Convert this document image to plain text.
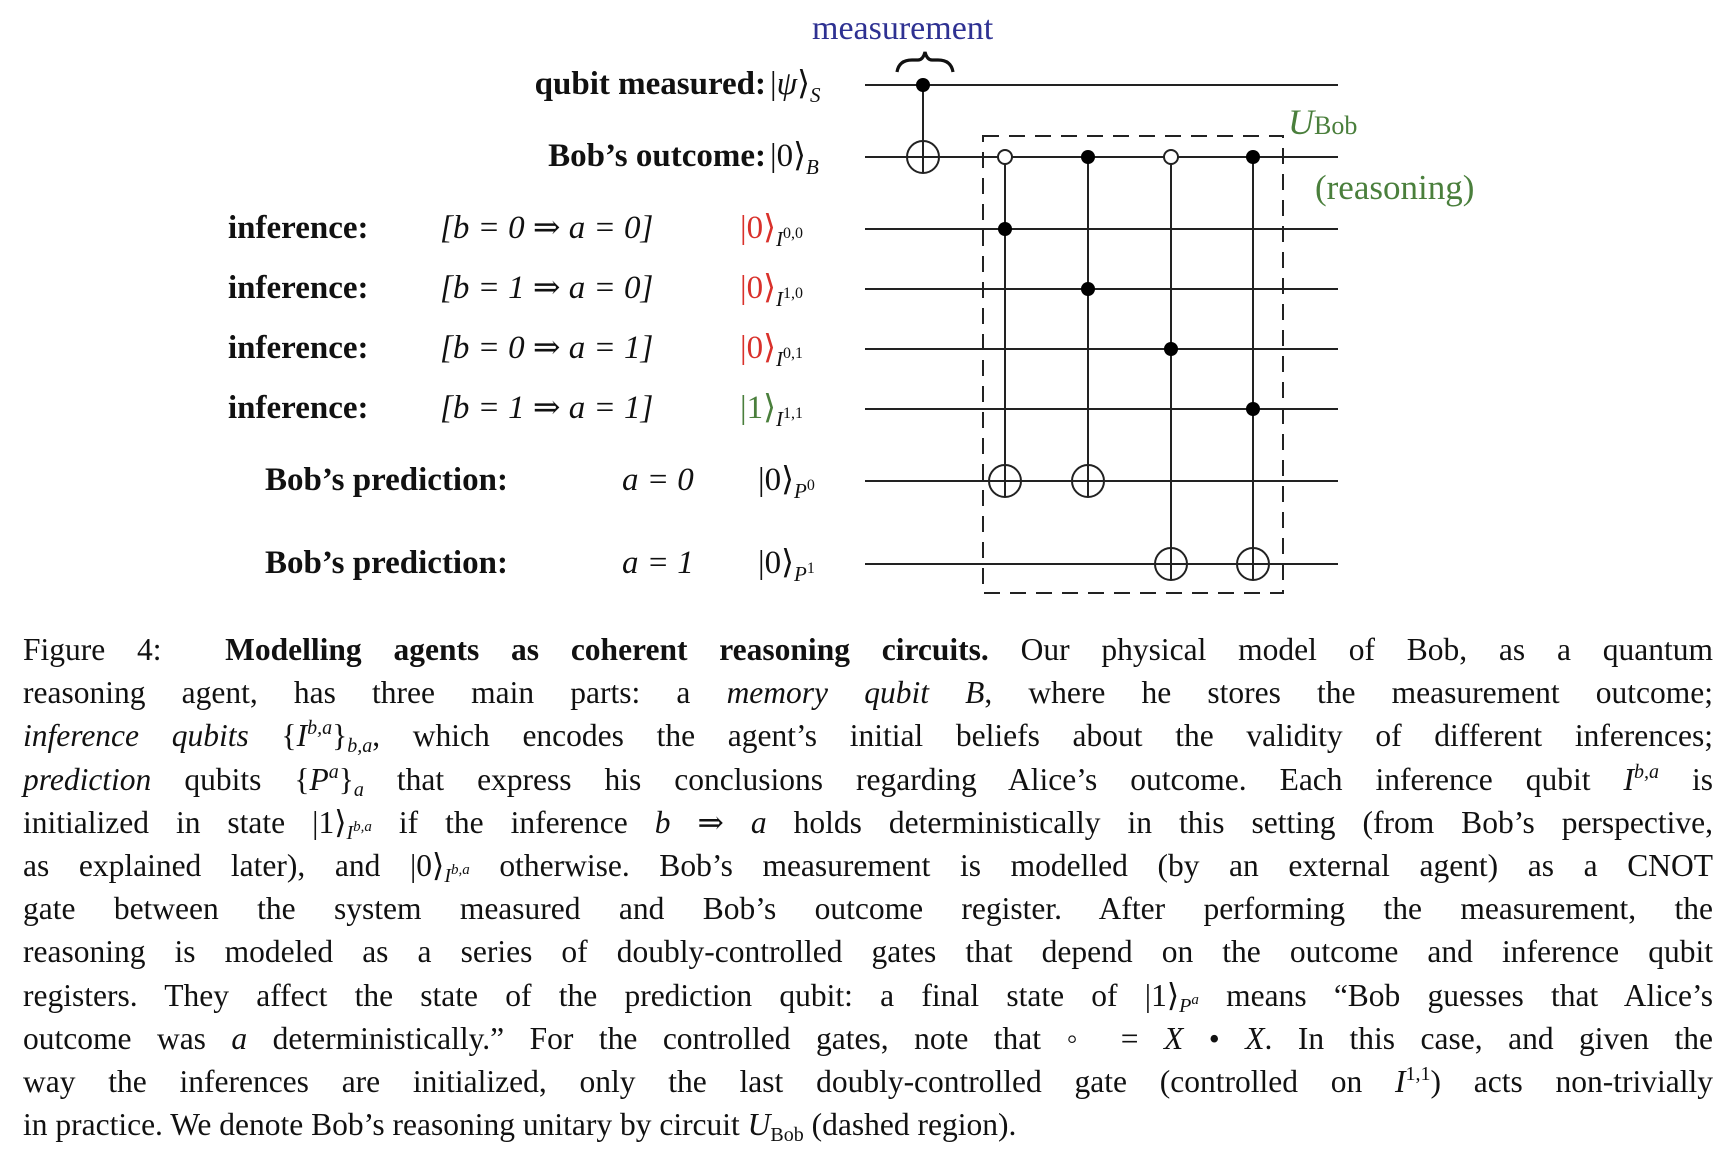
measurement
UBob
(reasoning)
qubit measured: $|\psi⟩_S$
Bob’s outcome: $|0⟩_B$
inference: [b = 0 ⇒ a = 0]	$|0⟩_{I^{0,0}}$
inference: [b = 1 ⇒ a = 0]	$|0⟩_{I^{1,0}}$
inference: [b = 0 ⇒ a = 1]	$|0⟩_{I^{0,1}}$
inference: [b = 1 ⇒ a = 1]	$|1⟩_{I^{1,1}}$
Bob’s prediction:	a = 0 $|0⟩_{P^0}$
Bob’s prediction:	a = 1 $|0⟩_{P^1}$
Figure 4: Modelling agents as coherent reasoning circuits. Our physical model of Bob, as a quantum
reasoning agent, has three main parts: a memory qubit B, where he stores the measurement outcome;
inference qubits $\{I^{b,a}\}_{b,a}$, which encodes the agent’s initial beliefs about the validity of different inferences;
prediction qubits $\{P^a\}_a$ that express his conclusions regarding Alice’s outcome. Each inference qubit I$^{b,a}$ is
initialized in state $|1⟩_{I^{b,a}}$ if the inference b ⇒ a holds deterministically in this setting (from Bob’s perspective,
as explained later), and $|0⟩_{I^{b,a}}$ otherwise. Bob’s measurement is modelled (by an external agent) as a CNOT
gate between the system measured and Bob’s outcome register. After performing the measurement, the
reasoning is modeled as a series of doubly-controlled gates that depend on the outcome and inference qubit
registers. They affect the state of the prediction qubit: a final state of $|1⟩_{P^a}$ means “Bob guesses that Alice’s
outcome was a deterministically.” For the controlled gates, note that ◦ = X • X. In this case, and given the
way the inferences are initialized, only the last doubly-controlled gate (controlled on I$^{1,1}$) acts non-trivially
in practice. We denote Bob’s reasoning unitary by circuit $U_{Bob}$ (dashed region).
